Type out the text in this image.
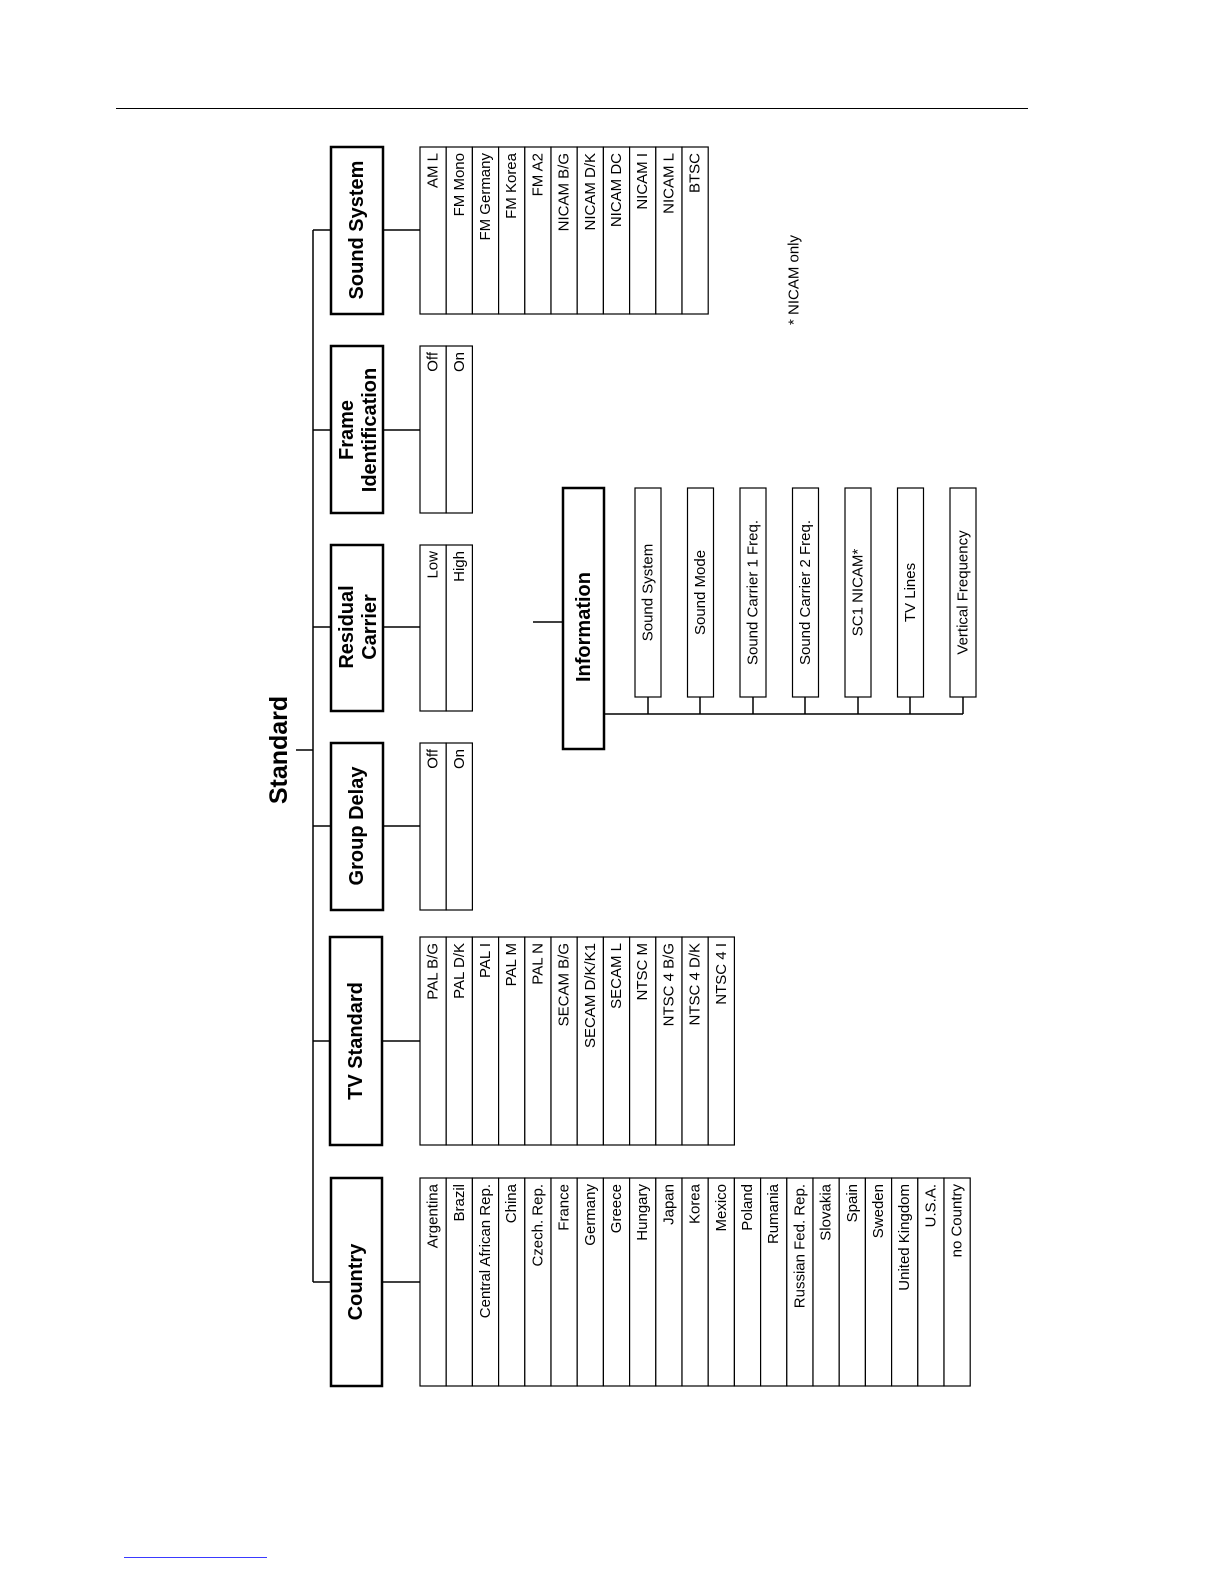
Standard
Country
TV Standard
Group Delay
Residual Carrier
Frame Identification
Sound System
Information
Argentina Brazil Central African Rep. China Czech. Rep. France Germany Greece Hungary Japan Korea Mexico Poland Rumania Russian Fed. Rep. Slovakia Spain Sweden United Kingdom U.S.A. no Country
PAL B/G PAL D/K PAL I PAL M PAL N SECAM B/G SECAM D/K/K1 SECAM L NTSC M NTSC 4 B/G NTSC 4 D/K NTSC 4 I
Off On
Low High
Off On
AM L FM Mono FM Germany FM Korea FM A2 NICAM B/G NICAM D/K NICAM DC NICAM I NICAM L BTSC
Sound System Sound Mode Sound Carrier 1 Freq. Sound Carrier 2 Freq. SC1 NICAM* TV Lines Vertical Frequency
* NICAM only
